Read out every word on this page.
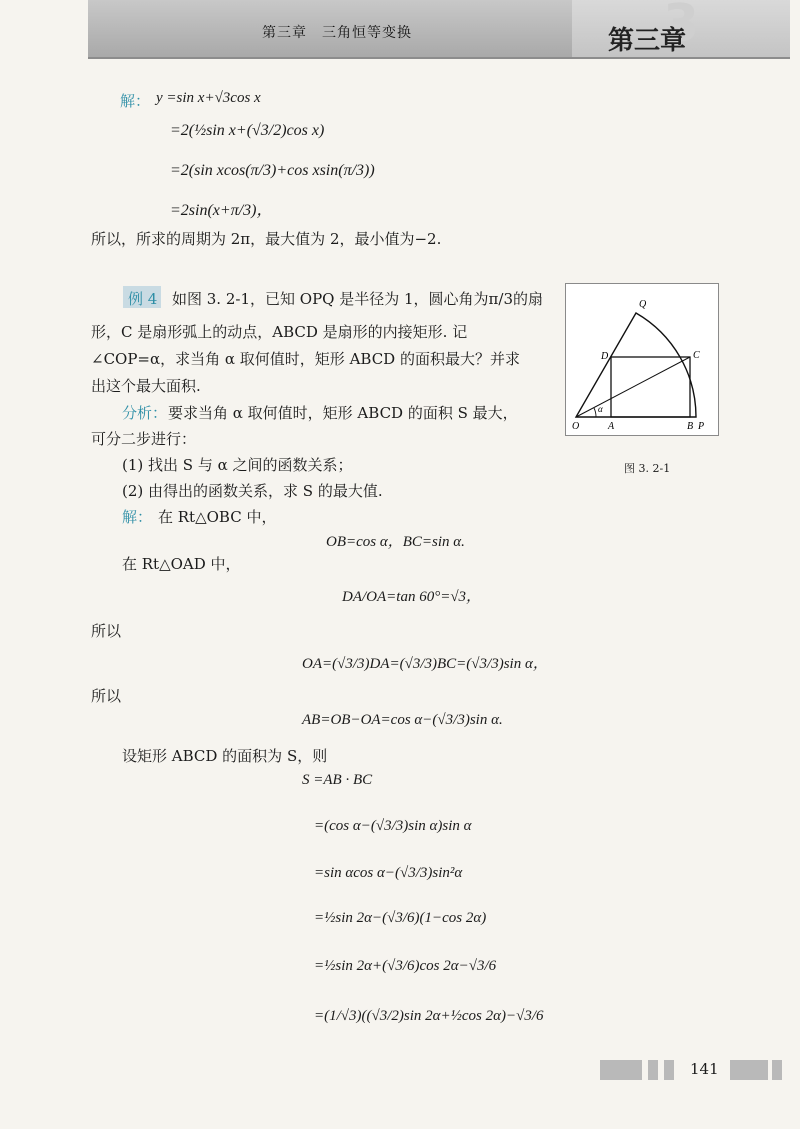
第三章　三角恒等变换	3
第三章
解： y =sin x+√3cos x
=2(½sin x+(√3/2)cos x)
=2(sin xcos(π/3)+cos xsin(π/3))
=2sin(x+π/3)，
所以，所求的周期为 2π，最大值为 2，最小值为−2.
例 4 如图 3. 2-1，已知 OPQ 是半径为 1，圆心角为π/3的扇
形，C 是扇形弧上的动点，ABCD 是扇形的内接矩形. 记
∠COP=α，求当角 α 取何值时，矩形 ABCD 的面积最大？并求
出这个最大面积.
分析： 要求当角 α 取何值时，矩形 ABCD 的面积 S 最大，
可分二步进行：
(1) 找出 S 与 α 之间的函数关系；
(2) 由得出的函数关系，求 S 的最大值.
解： 在 Rt△OBC 中，
OB=cos α，BC=sin α.
在 Rt△OAD 中，
DA/OA=tan 60°=√3，
所以
OA=(√3/3)DA=(√3/3)BC=(√3/3)sin α，
所以
AB=OB−OA=cos α−(√3/3)sin α.
设矩形 ABCD 的面积为 S，则
S =AB · BC
=(cos α−(√3/3)sin α)sin α
=sin αcos α−(√3/3)sin²α
=½sin 2α−(√3/6)(1−cos 2α)
=½sin 2α+(√3/6)cos 2α−√3/6
=(1/√3)((√3/2)sin 2α+½cos 2α)−√3/6
α
Q
D	C
O	A	B P
图 3. 2-1
141
